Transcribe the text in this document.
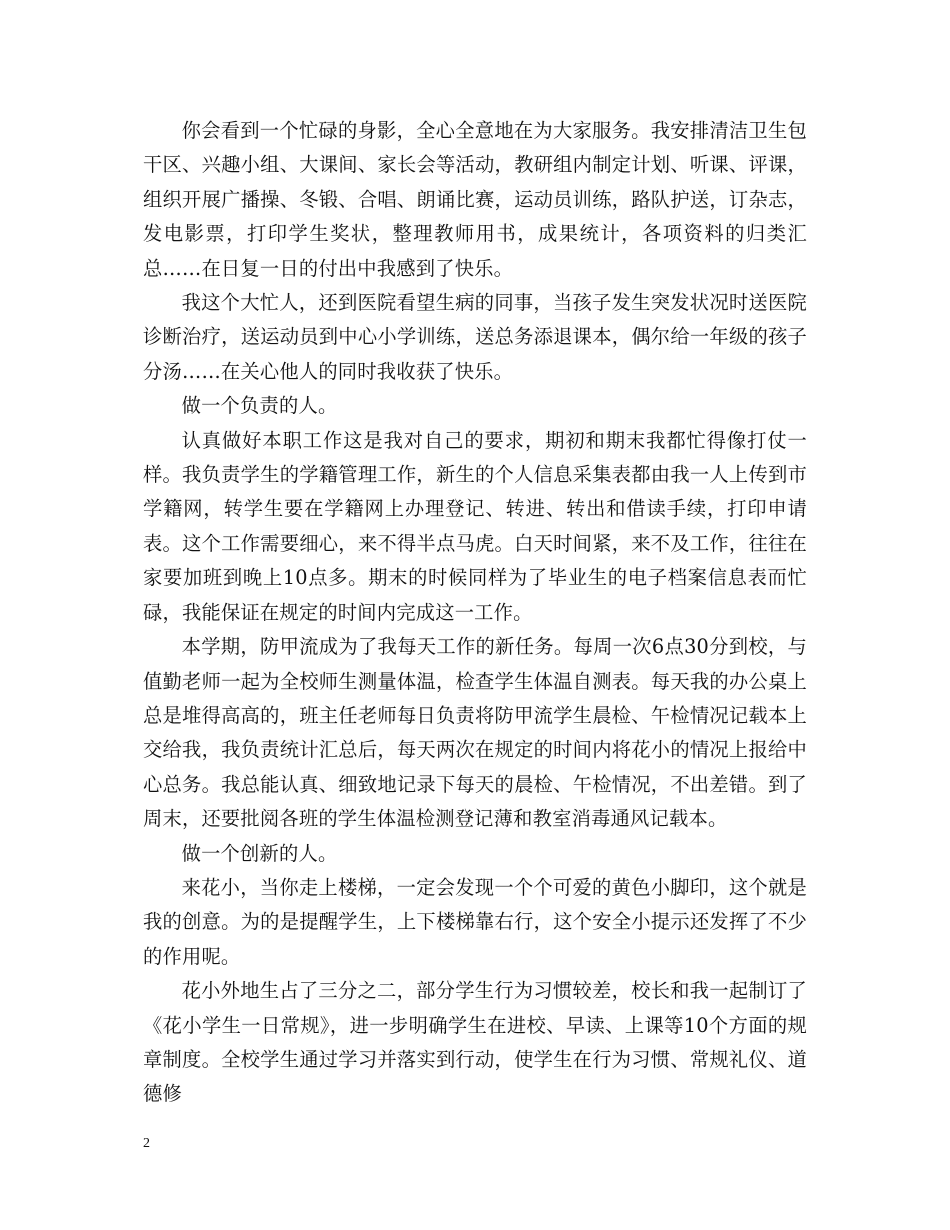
你会看到一个忙碌的身影，全心全意地在为大家服务。我安排清洁卫生包干区、兴趣小组、大课间、家长会等活动，教研组内制定计划、听课、评课，组织开展广播操、冬锻、合唱、朗诵比赛，运动员训练，路队护送，订杂志，发电影票，打印学生奖状，整理教师用书，成果统计，各项资料的归类汇总……在日复一日的付出中我感到了快乐。

我这个大忙人，还到医院看望生病的同事，当孩子发生突发状况时送医院诊断治疗，送运动员到中心小学训练，送总务添退课本，偶尔给一年级的孩子分汤……在关心他人的同时我收获了快乐。

做一个负责的人。

认真做好本职工作这是我对自己的要求，期初和期末我都忙得像打仗一样。我负责学生的学籍管理工作，新生的个人信息采集表都由我一人上传到市学籍网，转学生要在学籍网上办理登记、转进、转出和借读手续，打印申请表。这个工作需要细心，来不得半点马虎。白天时间紧，来不及工作，往往在家要加班到晚上10点多。期末的时候同样为了毕业生的电子档案信息表而忙碌，我能保证在规定的时间内完成这一工作。

本学期，防甲流成为了我每天工作的新任务。每周一次6点30分到校，与值勤老师一起为全校师生测量体温，检查学生体温自测表。每天我的办公桌上总是堆得高高的，班主任老师每日负责将防甲流学生晨检、午检情况记载本上交给我，我负责统计汇总后，每天两次在规定的时间内将花小的情况上报给中心总务。我总能认真、细致地记录下每天的晨检、午检情况，不出差错。到了周末，还要批阅各班的学生体温检测登记薄和教室消毒通风记载本。

做一个创新的人。

来花小，当你走上楼梯，一定会发现一个个可爱的黄色小脚印，这个就是我的创意。为的是提醒学生，上下楼梯靠右行，这个安全小提示还发挥了不少的作用呢。

花小外地生占了三分之二，部分学生行为习惯较差，校长和我一起制订了《花小学生一日常规》，进一步明确学生在进校、早读、上课等10个方面的规章制度。全校学生通过学习并落实到行动，使学生在行为习惯、常规礼仪、道德修

2
